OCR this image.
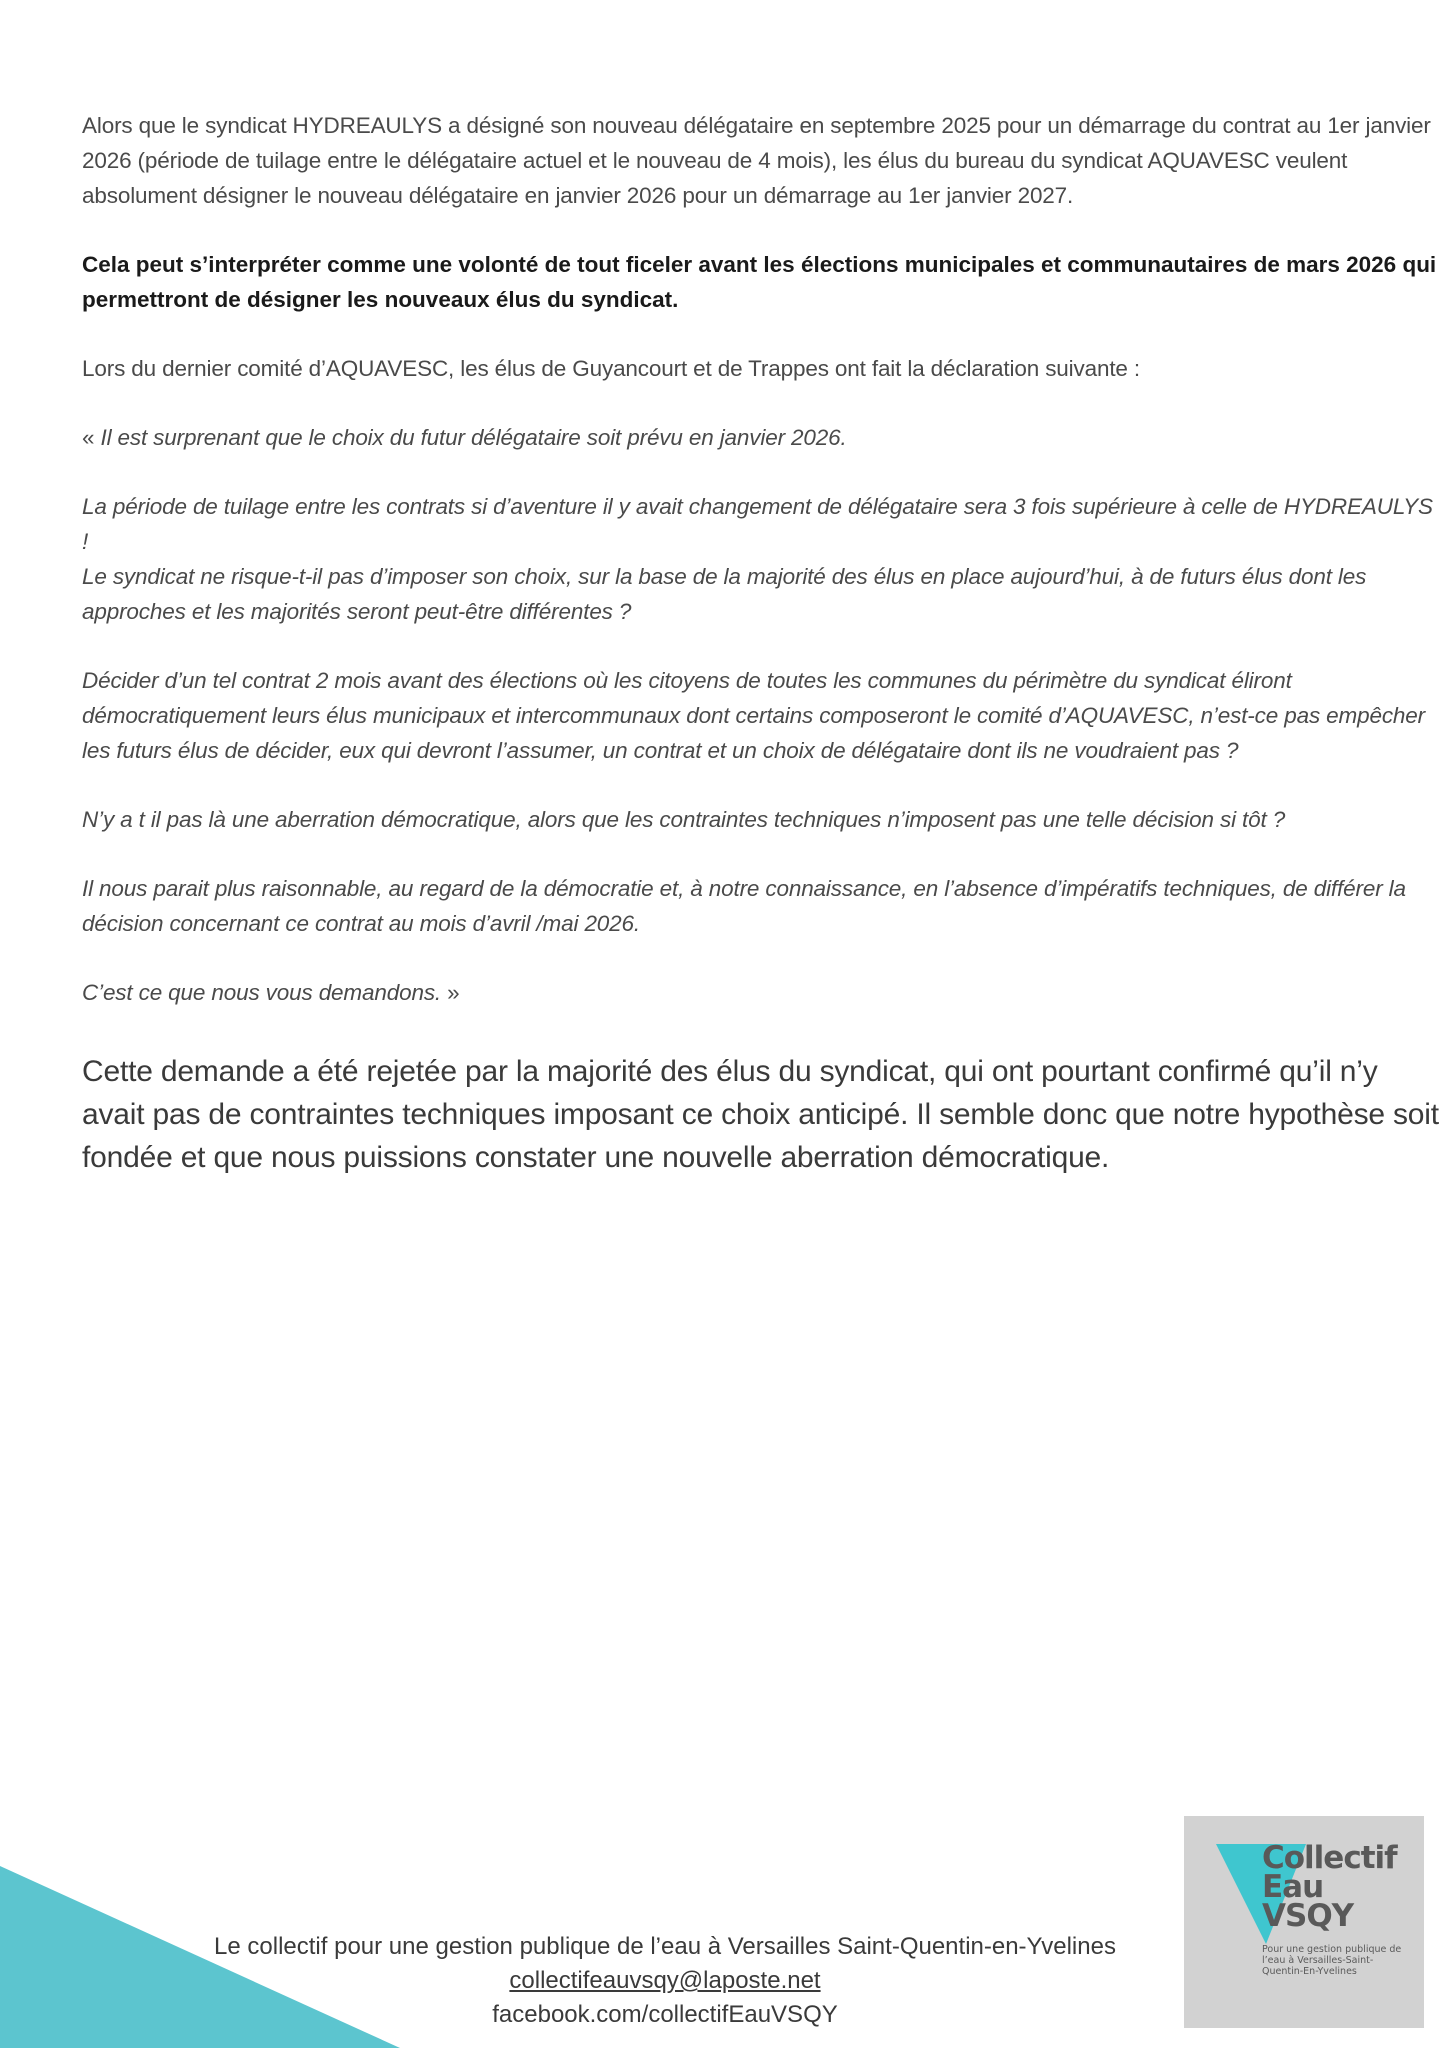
Alors que le syndicat HYDREAULYS a désigné son nouveau délégataire en septembre 2025 pour un démarrage du contrat au 1er janvier 2026 (période de tuilage entre le délégataire actuel et le nouveau de 4 mois), les élus du bureau du syndicat AQUAVESC veulent absolument désigner le nouveau délégataire en janvier 2026 pour un démarrage au 1er janvier 2027.

Cela peut s’interpréter comme une volonté de tout ficeler avant les élections municipales et communautaires de mars 2026 qui permettront de désigner les nouveaux élus du syndicat.

Lors du dernier comité d’AQUAVESC, les élus de Guyancourt et de Trappes ont fait la déclaration suivante :

« Il est surprenant que le choix du futur délégataire soit prévu en janvier 2026.

La période de tuilage entre les contrats si d’aventure il y avait changement de délégataire sera 3 fois supérieure à celle de HYDREAULYS !

Le syndicat ne risque-t-il pas d’imposer son choix, sur la base de la majorité des élus en place aujourd’hui, à de futurs élus dont les approches et les majorités seront peut-être différentes ?

Décider d’un tel contrat 2 mois avant des élections où les citoyens de toutes les communes du périmètre du syndicat éliront démocratiquement leurs élus municipaux et intercommunaux dont certains composeront le comité d’AQUAVESC, n’est-ce pas empêcher les futurs élus de décider, eux qui devront l’assumer, un contrat et un choix de délégataire dont ils ne voudraient pas ?

N’y a t il pas là une aberration démocratique, alors que les contraintes techniques n’imposent pas une telle décision si tôt ?

Il nous parait plus raisonnable, au regard de la démocratie et, à notre connaissance, en l’absence d’impératifs techniques, de différer la décision concernant ce contrat au mois d’avril /mai 2026.

C’est ce que nous vous demandons. »

Cette demande a été rejetée par la majorité des élus du syndicat, qui ont pourtant confirmé qu’il n’y avait pas de contraintes techniques imposant ce choix anticipé. Il semble donc que notre hypothèse soit fondée et que nous puissions constater une nouvelle aberration démocratique.

Le collectif pour une gestion publique de l’eau à Versailles Saint-Quentin-en-Yvelines
collectifeauvsqy@laposte.net
facebook.com/collectifEauVSQY
Collectif
Eau
VSQY
Pour une gestion publique de l’eau à Versailles-Saint-Quentin-En-Yvelines
